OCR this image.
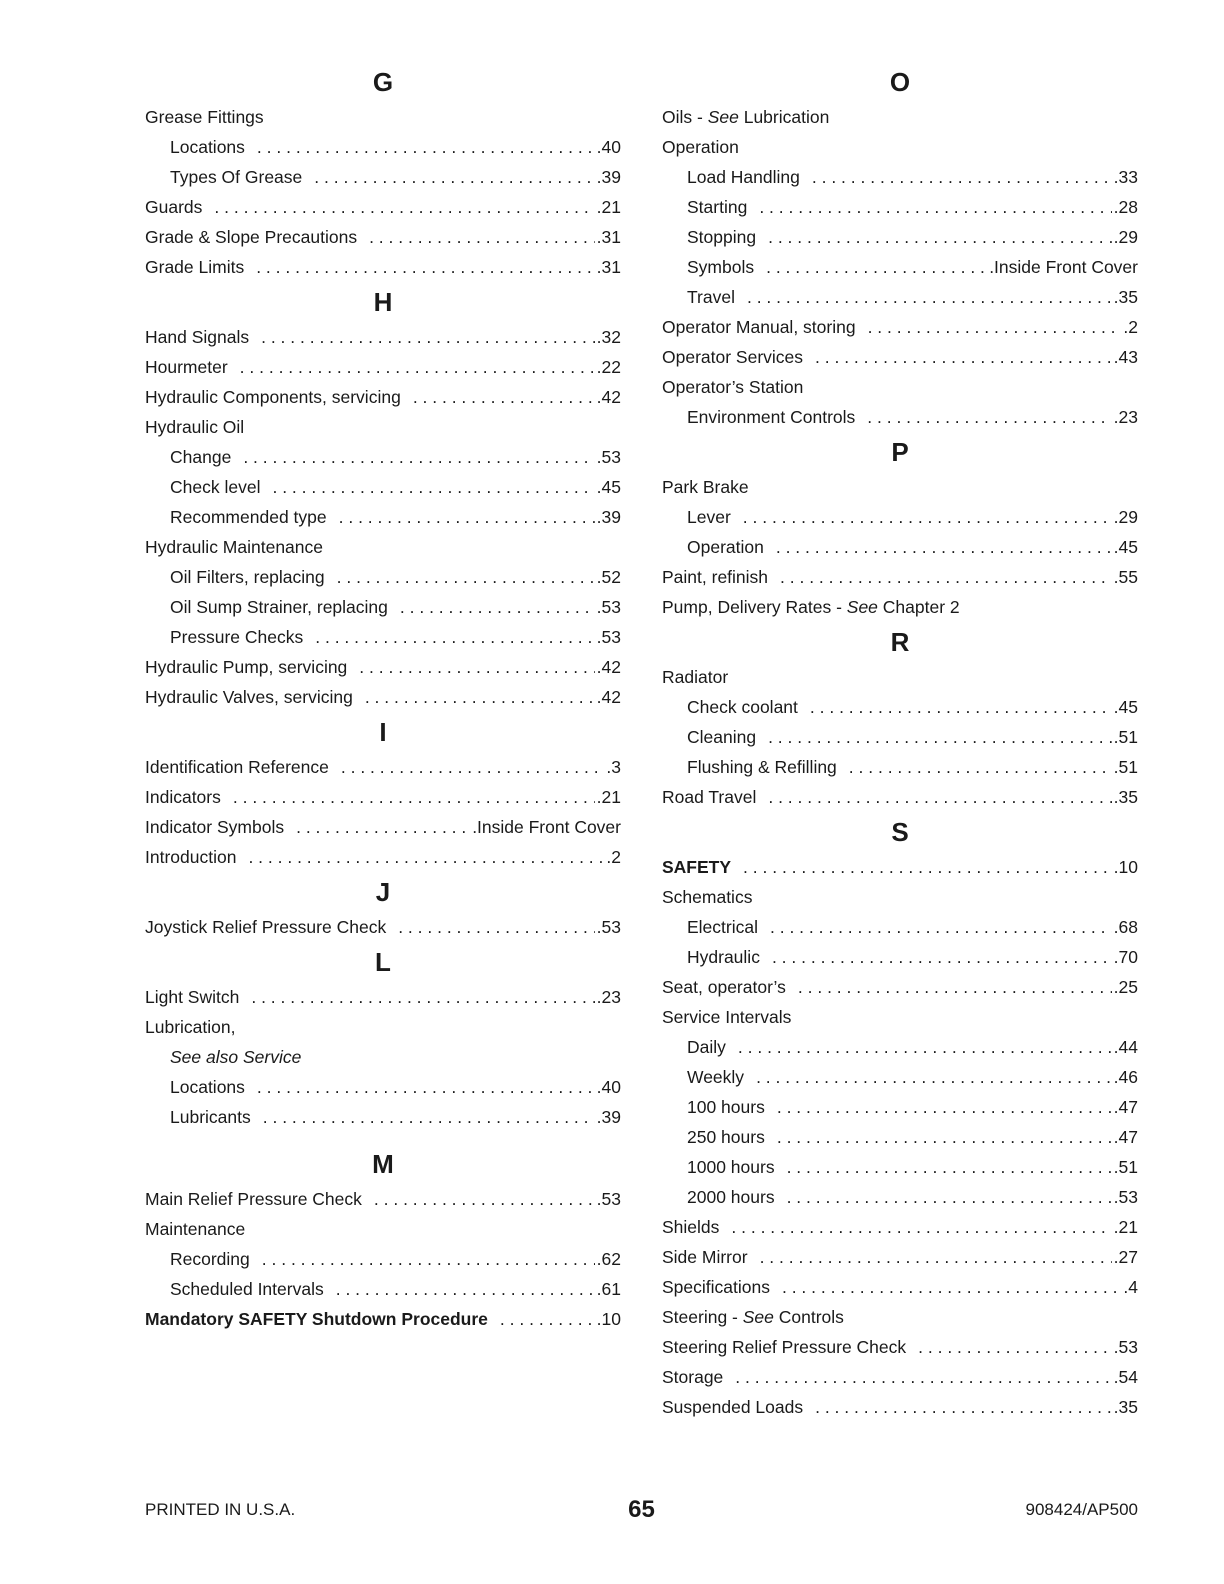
G
Grease Fittings
Locations . . .	.40
Types Of Grease . . .	.39
Guards . . .	.21
Grade & Slope Precautions . . .	.31
Grade Limits . . .	.31
H
Hand Signals . . .	.32
Hourmeter . . .	.22
Hydraulic Components, servicing . . .	.42
Hydraulic Oil
Change . . .	.53
Check level . . .	.45
Recommended type . . .	.39
Hydraulic Maintenance
Oil Filters, replacing . . .	.52
Oil Sump Strainer, replacing . . .	.53
Pressure Checks . . .	.53
Hydraulic Pump, servicing . . .	.42
Hydraulic Valves, servicing . . .	.42
I
Identification Reference . . .	.3
Indicators . . .	.21
Indicator Symbols . . .	.Inside Front Cover
Introduction . . .	.2
J
Joystick Relief Pressure Check . . .	.53
L
Light Switch . . .	.23
Lubrication,
See also Service
Locations . . .	.40
Lubricants . . .	.39
M
Main Relief Pressure Check . . .	.53
Maintenance
Recording . . .	.62
Scheduled Intervals . . .	.61
Mandatory SAFETY Shutdown Procedure . . .	.10
O
Oils - See Lubrication
Operation
Load Handling . . .	.33
Starting . . .	.28
Stopping . . .	.29
Symbols . . .	.Inside Front Cover
Travel . . .	.35
Operator Manual, storing . . .	.2
Operator Services . . .	.43
Operator’s Station
Environment Controls . . .	.23
P
Park Brake
Lever . . .	.29
Operation . . .	.45
Paint, refinish . . .	.55
Pump, Delivery Rates - See Chapter 2
R
Radiator
Check coolant . . .	.45
Cleaning . . .	.51
Flushing & Refilling . . .	.51
Road Travel . . .	.35
S
SAFETY . . .	.10
Schematics
Electrical . . .	.68
Hydraulic . . .	.70
Seat, operator’s . . .	.25
Service Intervals
Daily . . .	.44
Weekly . . .	.46
100 hours . . .	.47
250 hours . . .	.47
1000 hours . . .	.51
2000 hours . . .	.53
Shields . . .	.21
Side Mirror . . .	.27
Specifications . . .	.4
Steering - See Controls
Steering Relief Pressure Check . . .	.53
Storage . . .	.54
Suspended Loads . . .	.35
PRINTED IN U.S.A.	65	908424/AP500
